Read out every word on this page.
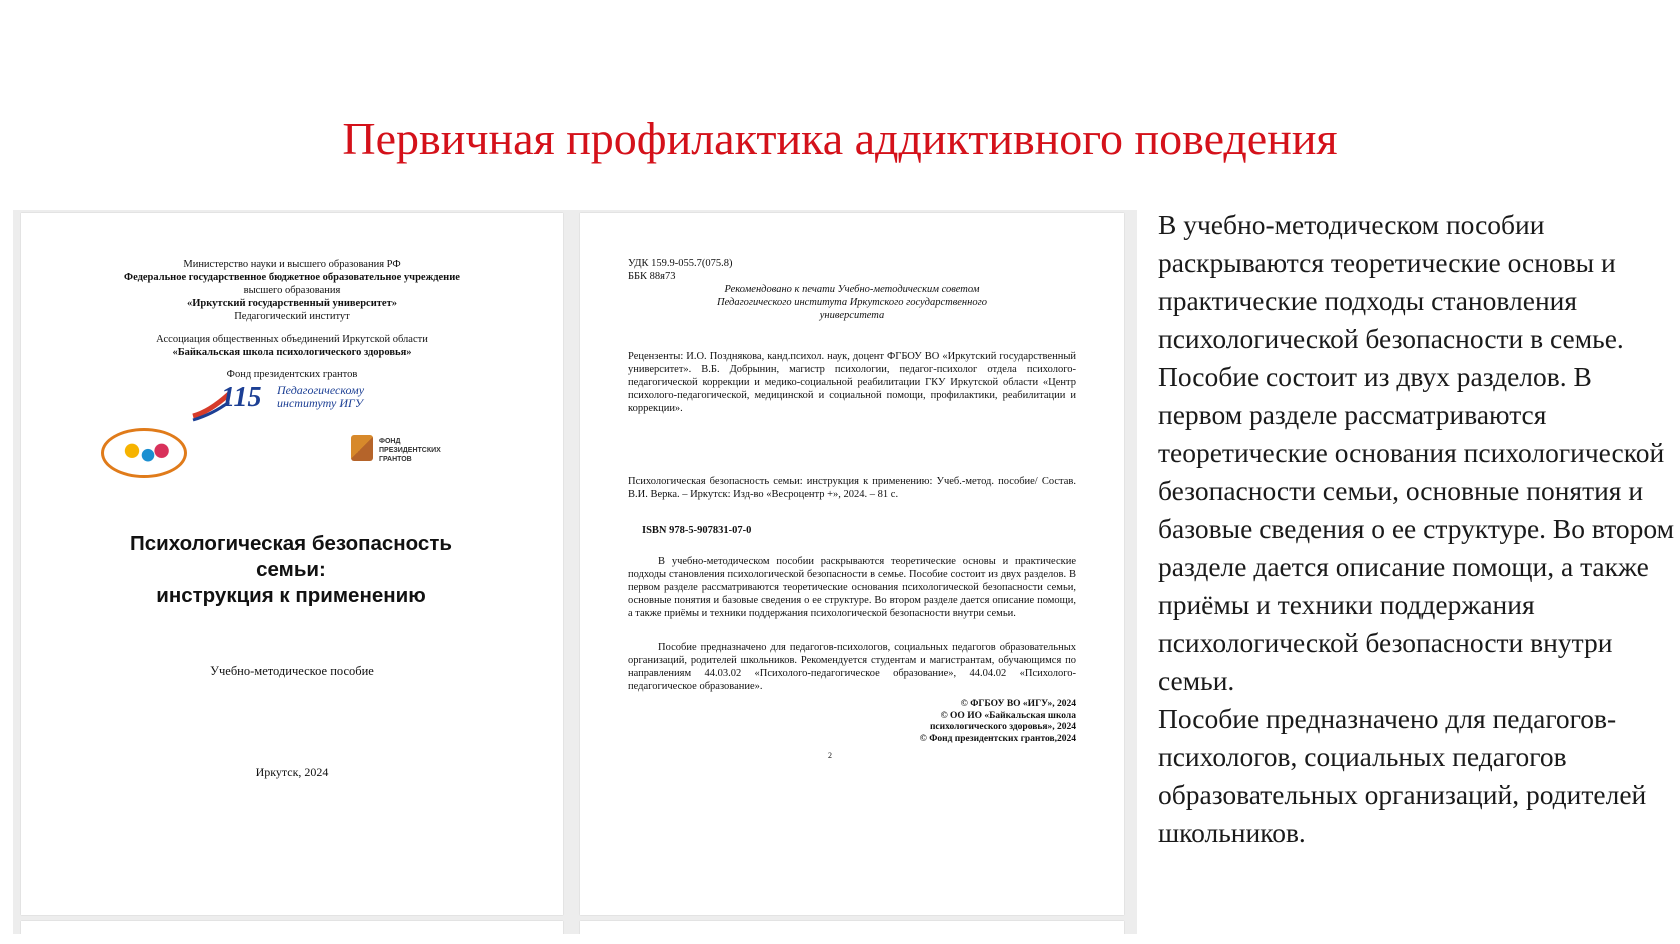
Первичная профилактика аддиктивного поведения
Министерство науки и высшего образования РФ
Федеральное государственное бюджетное образовательное учреждение
высшего образования
«Иркутский государственный университет»
Педагогический институт
Ассоциация общественных объединений Иркутской области
«Байкальская школа психологического здоровья»
Фонд президентских грантов
115 Педагогическому
институту ИГУ
ФОНД
ПРЕЗИДЕНТСКИХ
ГРАНТОВ
Психологическая безопасность
семьи:
инструкция к применению
Учебно-методическое пособие
Иркутск, 2024
УДК 159.9-055.7(075.8)
ББК 88я73
Рекомендовано к печати Учебно-методическим советом
Педагогического института Иркутского государственного
университета
Рецензенты: И.О. Позднякова, канд.психол. наук, доцент ФГБОУ ВО «Иркутский государственный университет». В.Б. Добрынин, магистр психологии, педагог-психолог отдела психолого-педагогической коррекции и медико-социальной реабилитации ГКУ Иркутской области «Центр психолого-педагогической, медицинской и социальной помощи, профилактики, реабилитации и коррекции».
Психологическая безопасность семьи: инструкция к применению: Учеб.-метод. пособие/ Состав. В.И. Верка. – Иркутск: Изд-во «Весроцентр +», 2024. – 81 с.
ISBN 978-5-907831-07-0
В учебно-методическом пособии раскрываются теоретические основы и практические подходы становления психологической безопасности в семье. Пособие состоит из двух разделов. В первом разделе рассматриваются теоретические основания психологической безопасности семьи, основные понятия и базовые сведения о ее структуре. Во втором разделе дается описание помощи, а также приёмы и техники поддержания психологической безопасности внутри семьи.
Пособие предназначено для педагогов-психологов, социальных педагогов образовательных организаций, родителей школьников. Рекомендуется студентам и магистрантам, обучающимся по направлениям 44.03.02 «Психолого-педагогическое образование», 44.04.02 «Психолого-педагогическое образование».
© ФГБОУ ВО «ИГУ», 2024
© ОО ИО «Байкальская школа
психологического здоровья», 2024
© Фонд президентских грантов,2024
2

В учебно-методическом пособии раскрываются теоретические основы и практические подходы становления психологической безопасности в семье. Пособие состоит из двух разделов. В первом разделе рассматриваются теоретические основания психологической безопасности семьи, основные понятия и базовые сведения о ее структуре. Во втором разделе дается описание помощи, а также приёмы и техники поддержания психологической безопасности внутри семьи.

Пособие предназначено для педагогов-психологов, социальных педагогов образовательных организаций, родителей школьников.
